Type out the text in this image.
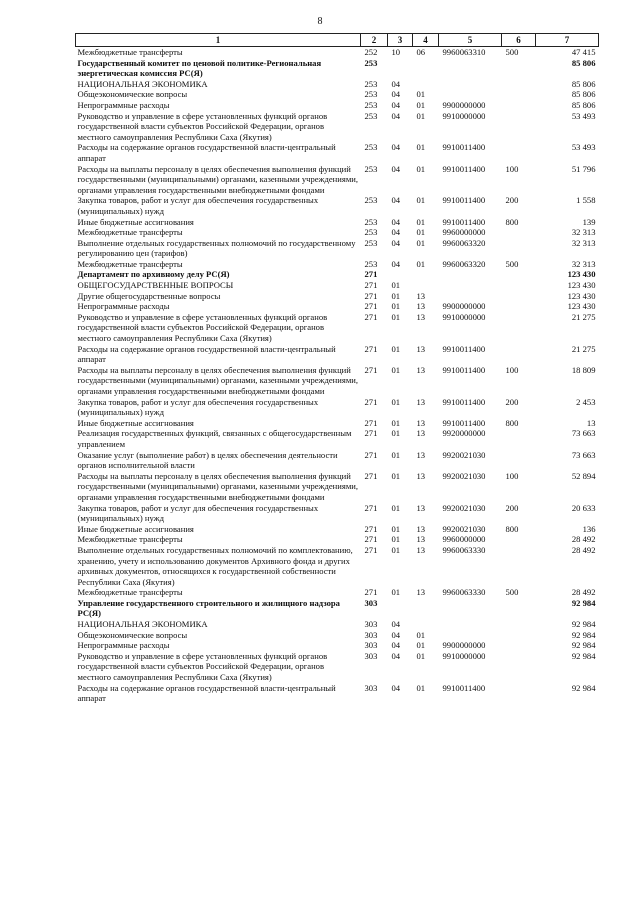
8
1	2	3	4	5	6	7
Межбюджетные трансферты	252	10	06	9960063310	500	47 415
Государственный комитет по ценовой политике-Региональная энергетическая комиссия РС(Я)	253					85 806
НАЦИОНАЛЬНАЯ ЭКОНОМИКА	253	04				85 806
Общеэкономические вопросы	253	04	01			85 806
Непрограммные расходы	253	04	01	9900000000		85 806
Руководство и управление в сфере установленных функций органов государственной власти субъектов Российской Федерации, органов местного самоуправления Республики Саха (Якутия)	253	04	01	9910000000		53 493
Расходы на содержание органов государственной власти-центральный аппарат	253	04	01	9910011400		53 493
Расходы на выплаты персоналу в целях обеспечения выполнения функций государственными (муниципальными) органами, казенными учреждениями, органами управления государственными внебюджетными фондами	253	04	01	9910011400	100	51 796
Закупка товаров, работ и услуг для обеспечения государственных (муниципальных) нужд	253	04	01	9910011400	200	1 558
Иные бюджетные ассигнования	253	04	01	9910011400	800	139
Межбюджетные трансферты	253	04	01	9960000000		32 313
Выполнение отдельных государственных полномочий по государственному регулированию цен (тарифов)	253	04	01	9960063320		32 313
Межбюджетные трансферты	253	04	01	9960063320	500	32 313
Департамент по архивному делу РС(Я)	271					123 430
ОБЩЕГОСУДАРСТВЕННЫЕ ВОПРОСЫ	271	01				123 430
Другие общегосударственные вопросы	271	01	13			123 430
Непрограммные расходы	271	01	13	9900000000		123 430
Руководство и управление в сфере установленных функций органов государственной власти субъектов Российской Федерации, органов местного самоуправления Республики Саха (Якутия)	271	01	13	9910000000		21 275
Расходы на содержание органов государственной власти-центральный аппарат	271	01	13	9910011400		21 275
Расходы на выплаты персоналу в целях обеспечения выполнения функций государственными (муниципальными) органами, казенными учреждениями, органами управления государственными внебюджетными фондами	271	01	13	9910011400	100	18 809
Закупка товаров, работ и услуг для обеспечения государственных (муниципальных) нужд	271	01	13	9910011400	200	2 453
Иные бюджетные ассигнования	271	01	13	9910011400	800	13
Реализация государственных функций, связанных с общегосударственным управлением	271	01	13	9920000000		73 663
Оказание услуг (выполнение работ) в целях обеспечения деятельности органов исполнительной власти	271	01	13	9920021030		73 663
Расходы на выплаты персоналу в целях обеспечения выполнения функций государственными (муниципальными) органами, казенными учреждениями, органами управления государственными внебюджетными фондами	271	01	13	9920021030	100	52 894
Закупка товаров, работ и услуг для обеспечения государственных (муниципальных) нужд	271	01	13	9920021030	200	20 633
Иные бюджетные ассигнования	271	01	13	9920021030	800	136
Межбюджетные трансферты	271	01	13	9960000000		28 492
Выполнение отдельных государственных полномочий по комплектованию, хранению, учету и использованию документов Архивного фонда и других архивных документов, относящихся к государственной собственности Республики Саха (Якутия)	271	01	13	9960063330		28 492
Межбюджетные трансферты	271	01	13	9960063330	500	28 492
Управление государственного строительного и жилищного надзора РС(Я)	303					92 984
НАЦИОНАЛЬНАЯ ЭКОНОМИКА	303	04				92 984
Общеэкономические вопросы	303	04	01			92 984
Непрограммные расходы	303	04	01	9900000000		92 984
Руководство и управление в сфере установленных функций органов государственной власти субъектов Российской Федерации, органов местного самоуправления Республики Саха (Якутия)	303	04	01	9910000000		92 984
Расходы на содержание органов государственной власти-центральный аппарат	303	04	01	9910011400		92 984
